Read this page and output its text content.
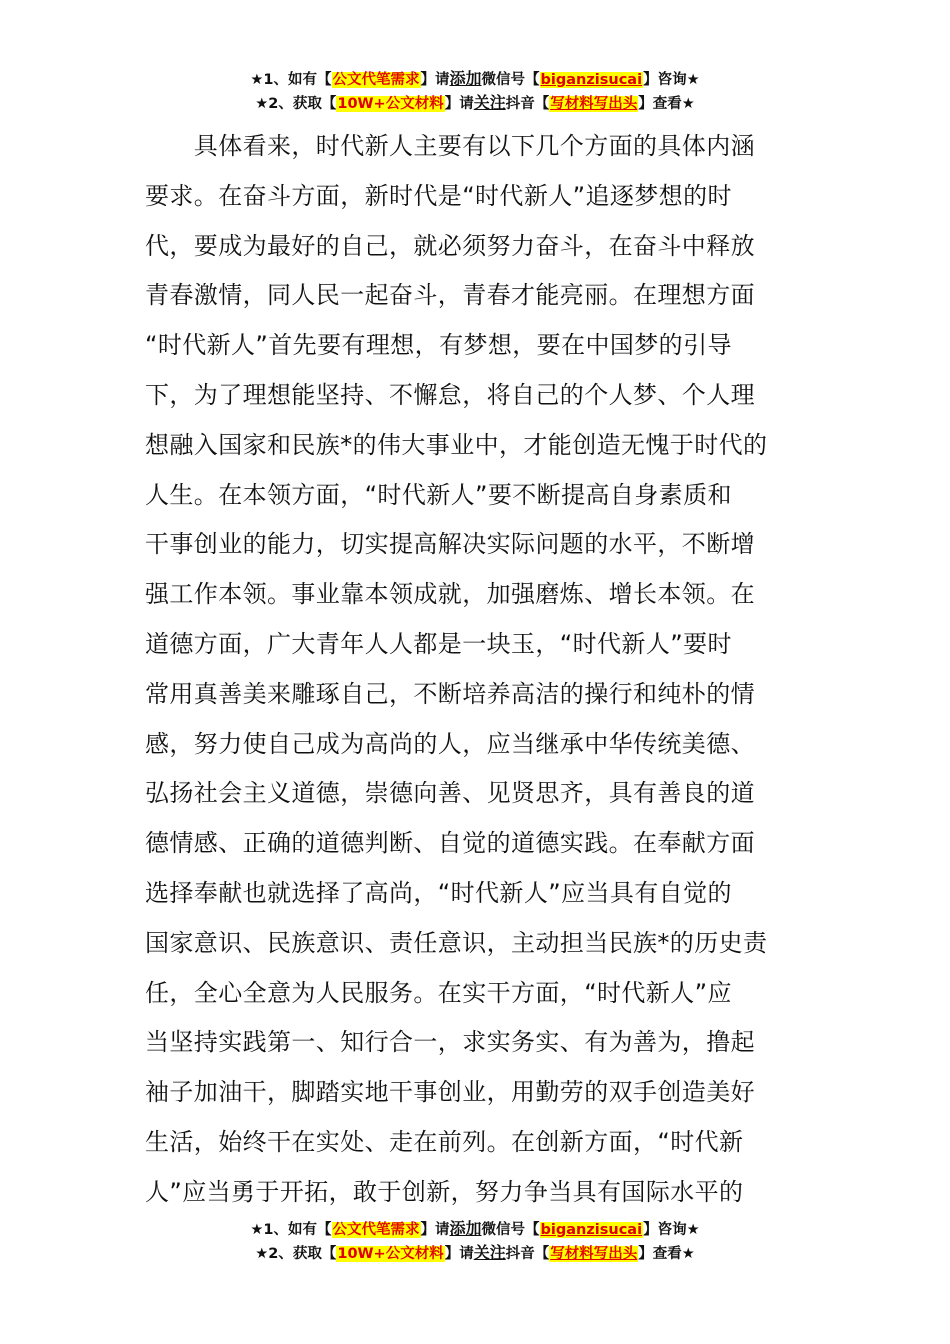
★1、如有【公文代笔需求】请添加微信号【biganzisucai】咨询★
★2、获取【10W+公文材料】请关注抖音【写材料写出头】查看★
　　具体看来，时代新人主要有以下几个方面的具体内涵
要求。在奋斗方面，新时代是“时代新人”追逐梦想的时
代，要成为最好的自己，就必须努力奋斗，在奋斗中释放
青春激情，同人民一起奋斗，青春才能亮丽。在理想方面
“时代新人”首先要有理想，有梦想，要在中国梦的引导
下，为了理想能坚持、不懈怠，将自己的个人梦、个人理
想融入国家和民族*的伟大事业中，才能创造无愧于时代的
人生。在本领方面，“时代新人”要不断提高自身素质和
干事创业的能力，切实提高解决实际问题的水平，不断增
强工作本领。事业靠本领成就，加强磨炼、增长本领。在
道德方面，广大青年人人都是一块玉，“时代新人”要时
常用真善美来雕琢自己，不断培养高洁的操行和纯朴的情
感，努力使自己成为高尚的人，应当继承中华传统美德、
弘扬社会主义道德，崇德向善、见贤思齐，具有善良的道
德情感、正确的道德判断、自觉的道德实践。在奉献方面
选择奉献也就选择了高尚，“时代新人”应当具有自觉的
国家意识、民族意识、责任意识，主动担当民族*的历史责
任，全心全意为人民服务。在实干方面，“时代新人”应
当坚持实践第一、知行合一，求实务实、有为善为，撸起
袖子加油干，脚踏实地干事创业，用勤劳的双手创造美好
生活，始终干在实处、走在前列。在创新方面，“时代新
人”应当勇于开拓，敢于创新，努力争当具有国际水平的
★1、如有【公文代笔需求】请添加微信号【biganzisucai】咨询★
★2、获取【10W+公文材料】请关注抖音【写材料写出头】查看★
